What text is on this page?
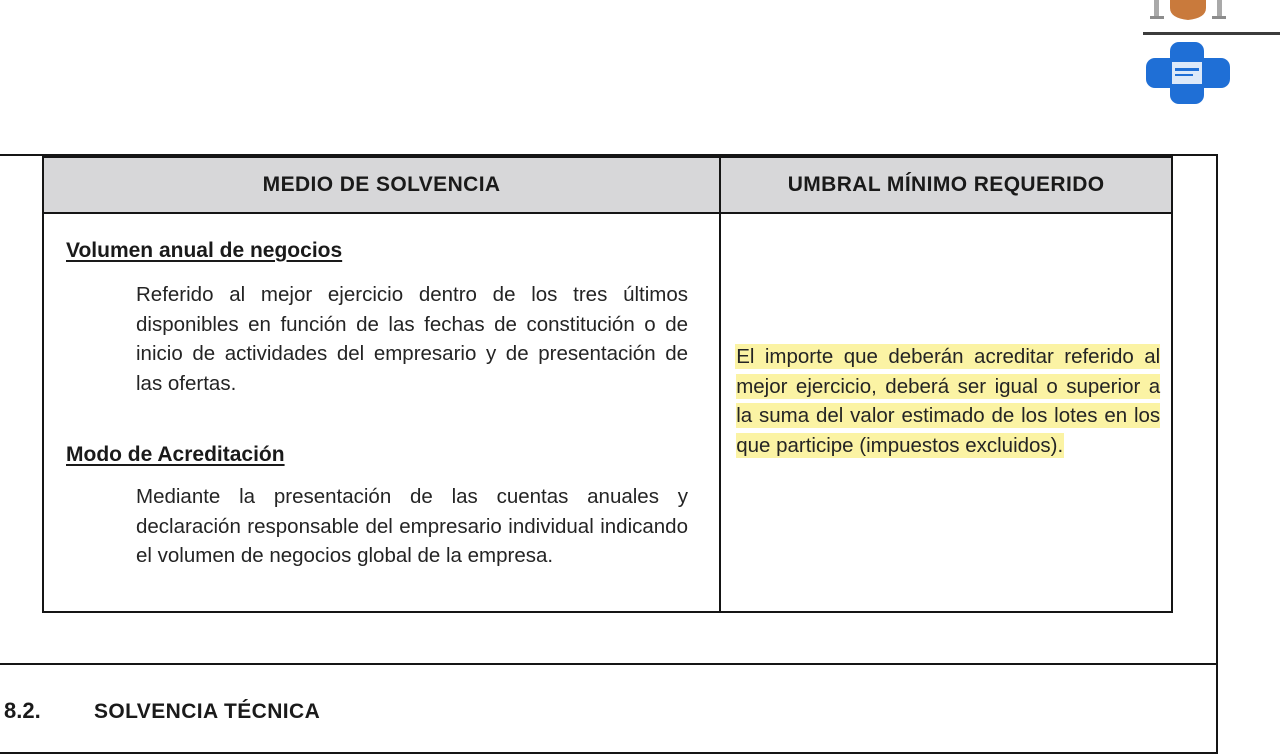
MEDIO DE SOLVENCIA	UMBRAL MÍNIMO REQUERIDO

Volumen anual de negocios
Referido al mejor ejercicio dentro de los tres últimos disponibles en función de las fechas de constitución o de inicio de actividades del empresario y de presentación de las ofertas.
Modo de Acreditación
Mediante la presentación de las cuentas anuales y declaración responsable del empresario individual indicando el volumen de negocios global de la empresa.	El importe que deberán acreditar referido al mejor ejercicio, deberá ser igual o superior a la suma del valor estimado de los lotes en los que participe (impuestos excluidos).
8.2.	SOLVENCIA TÉCNICA
